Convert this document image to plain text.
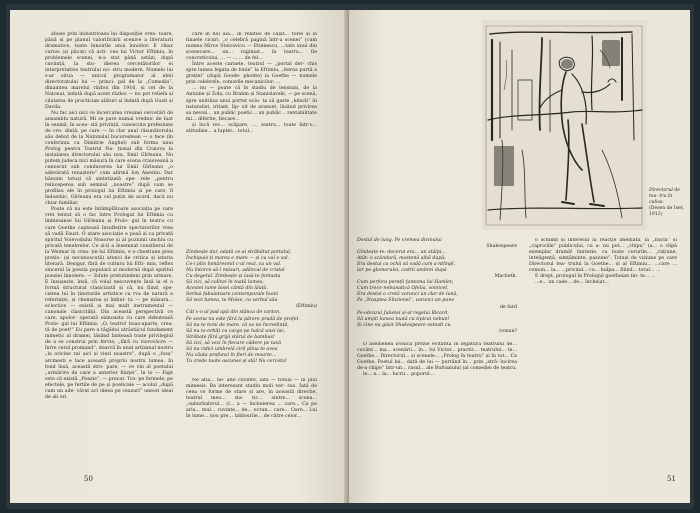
abuse prin industrioasa lui dispoziție crea- toare, până și pe planul valorificării scenice a literaturii dramatice, toate înnoirile unui înnoitor. E chiar curios (și păcat) că acti- vea lui Victor Eftimiu, în problemele scenei, n-a stat până astăzi, după cuviință, la stu- dierea cercetătorilor ei interpretative teatrului no- stru modern. Numele lui s-ar situa — unicul programator al ideii directoratului lui — princi- pal de la „Comedia”, dinaintea marelui război din 1916, și cel de la Națonal, indată după acest război — nu pot reliefa și căutatea de practician alături și îndată după Gusti și Davila.

Nu fac aici nici ce încercarea vreunei cercetări de ansamblu natură. Mi se pare numai vrednic de luat în seamă, în acea- stă privință, cunoscuta profesiune de cre- dință, pe care — în clar anul răsunătorului său debut de la Națonalul bucureștean — o face (în conferința cu Dimitrie Anghel) sub forma unui Prolog pentru Teatrul Na- țional din Craiova la instalarea directorului său nou, Emil Gîrleanu. Nu putem judeca nici măsura în care scena craioveană a cunoscut sub conducerea lui Emil Gîrleanu „o adevărată renaștere” cum afirmă Ion Anestin. Dar bănuim totuși că sintetizată ope- rele „pentru reînceperea sub semnul „noastre” după cum se profilau ele în prologul lui Eftimiu și pe care, îl îndoelnic, Gîrleanu era cel puțin de acord, dacă nu chiar familiar.

Poate că nu este întâmplătoare asociația pe care vrei tentat să o fac între Prologul lui Eftimiu cu îmblesanse lui Gîrleanu și Prolo- gul în teatru cu care Goethe captează însuflețire spectatorilor vrea să vadă Faust. O atare asociație e pusă și ca privată spiritul Voievodului Noaorse și al poziunii unchiu cu privată tenebrelor. Ce și-ți a însemnat consilierul de la Weimar în crea- ție lui Eftimiu, e o chestiune prea prețio- (și necunoscută) atunci de critica și istoria literară. Desigur, fără de cultura lui Efti- miu, reflex sincerul la poezia populară și modernă după spiritul poeziei înnoiere. — Eduțe pretutindeni prin urmare, E însușește, însă, că voiul neocuvente însă la el o formă structural clasicizată și că, nu fiind, spe- cietea lui în ținuturile artistice ca rva de natură a referinței, și chemarea și îmbul- ța — pe măsura... eclectice — există și mai mult instrumental — canonale clasicității. Din această perspectivă ce care, apolor- operată exinoasta cu care debutează Prolo- gul lui Eftimiu: „O, teatru! boaz-aparte, crea- tă de poet!” Eu pare a tăgădui atrăstiicul fundament mimetic al dramei, lăsând fanteasă toate privilegiul de a se construi prin fervie, „fără cu viorovăcre — între cerul promand”, doarcă în unul artizanal nostru „la oricine rai aici și viezi noastre”, după o „fosa” arcmesti e lace această propriu nostru lumea. In fond însă, această stro- pare, — ce vin al poetului „urmărire de care a anterior ființei”, în lo — Fapt este că există „Poezie”, — precar. Tra- pe formele, pe efectele, pe fertile de pe și poeticale — acolul „după cum un ade- vărat act ideea pe ceasuri” uneori ideai de ali ori.

care în noi ăia... în relatiei de călăt... torie și la tinaele cicuri, „o celebră pagină într-a scenei” (cum numea Mirce Stoicovicu — Etienescu, ...tate unui din scenecare... un... ruginiat... în teatru... fie concreticului, ... — ... ... de fel...

Între aceste carnete, teatrul — „portal der- chis spre lumea legata de fonie” la Eftimiu, „iterea purtă a grației” (după Goode- phonte) la Goethe — numele prin celebrele, comorile mecanicilor: ...

... nu — poate că în stadiu de tensiuni, de la Antoine și Zola, cu Brahm și Stanislavski, — pe scenă, spre unitiliza unui portet eclu- ta să gaste „kitsch” în naturalist, iritant, lip- sit de aranset, lăsând privirea sa nevoii... un public poetic... un public... rentabilitate mi... diferite, fiecare...

și încă rec... scăpare, ..., teatru... toate într-o... atitudine... a luptei... totul...

Zimbește dar, odată ce-ai străbătut portalul,
Închipuie-ți marea e mare — și cu val e val.
Ce-i plin înmăresmit c-ul reul, ca un val.
Nu întorce să-i măsuri, adâncul de cristal
Cu degetul. Zimbește și lasă-te fantasta
Să zici, să colinzi în toată lumea,
Acestei lume bisei cântă din lăută.
Serbai fabulatoare contemporale bunii
Să vezi lumea, te Moise, cu verbul său
(Eftimiu)
Cât v-o al pad apă din stânca de carton,
Pe scena nu este fără la părere pradă de profet,
Să nu te temi de mare, că va ne încredință,
Să nu te-orbiți cu cargo pe halcă unei lac,
Străbate fără grijă stărul de bambus!
Să zici, să vezi în fiecare cădere pe tavă
Să nu ridici umbrelă ciril plina te-avea
Nu căuta profunzi în fieri de moarte...
Tu crede toate ascunse și stă! Nu cerceta!

Ne află... ne- alte cuvinte, iată — totuși — în pliu mimesis. Ba interesant stadiu moli ver- sus. Iată de ceea ce forme de stare și are, în această direcție, teatrul meu... sta- tic... sintre... scena... „suburbalorul... (l... a — încheierea ... care... Ca pe aria... mul... cuvinte... de... ecran... care... Oare... Lui în lume... nou pre... tablourile... de către celor...

50
Directorul de tea- tru în culise.
(Desen de Iser, 1912)
Destul de lung. Pe vremea divinului
Shakespeare
Gîndește-te: decorul era... un stâlpi...
Atât: o scândură, mostenă albă după;
Era destul ca ochii să vadă cum a-ntîmpl,
Iar pe glomerulei, codrii umbrei după
Macbeth.
Cum perfora pereții fantoma lui Hamlet;
Cum trece-nebunatică Ofelia, voinicel,
Era destul o cretă vorunci un clar de lună,
Pe „Noaptea Sînzienei”, varunci un pune
de fard
Pe-obrazul Julietei și-al regelui Ricard,
Să umpli lumea toată cu tipicui nebun!
Și cine nu găsit Shakespeare ostealt cu
roman?

O asemenea ironică prezie evitantă în legătură teatrului de... cuvânt... ma... scenării... în... lui Victor... practic... teatrului... te... Goethe... Directorul... și scenele... „Prolog în teatru” și în tot... Ca Goethe, Poetul lui... dată de lui — purtând în... prin „stră- lucirea de-a chipe” într-un... rasul... ale Bufoanului (al comediei de teatru.

le... a... la... lucru... poporul...

o schimb și interesul la reacție imediată, la „bucla” și „capriciile” publicului, cu a- nu pot... „chipu” (a... o clipă exemplar dramă! fantezie, cu toate corurile... „rațiune, inteligență, simțăminte, pasiune”. Totuși de viziune pe care Directorul tea- trului la Goethe... și al Eftimiu... ...care ... comun... la... ...privind... cu... hulpa... fiiind... totul... ...

E drept, prologul în Prologul goetheian țin- te... ...

...e... un cade... de... încheiat...

51
